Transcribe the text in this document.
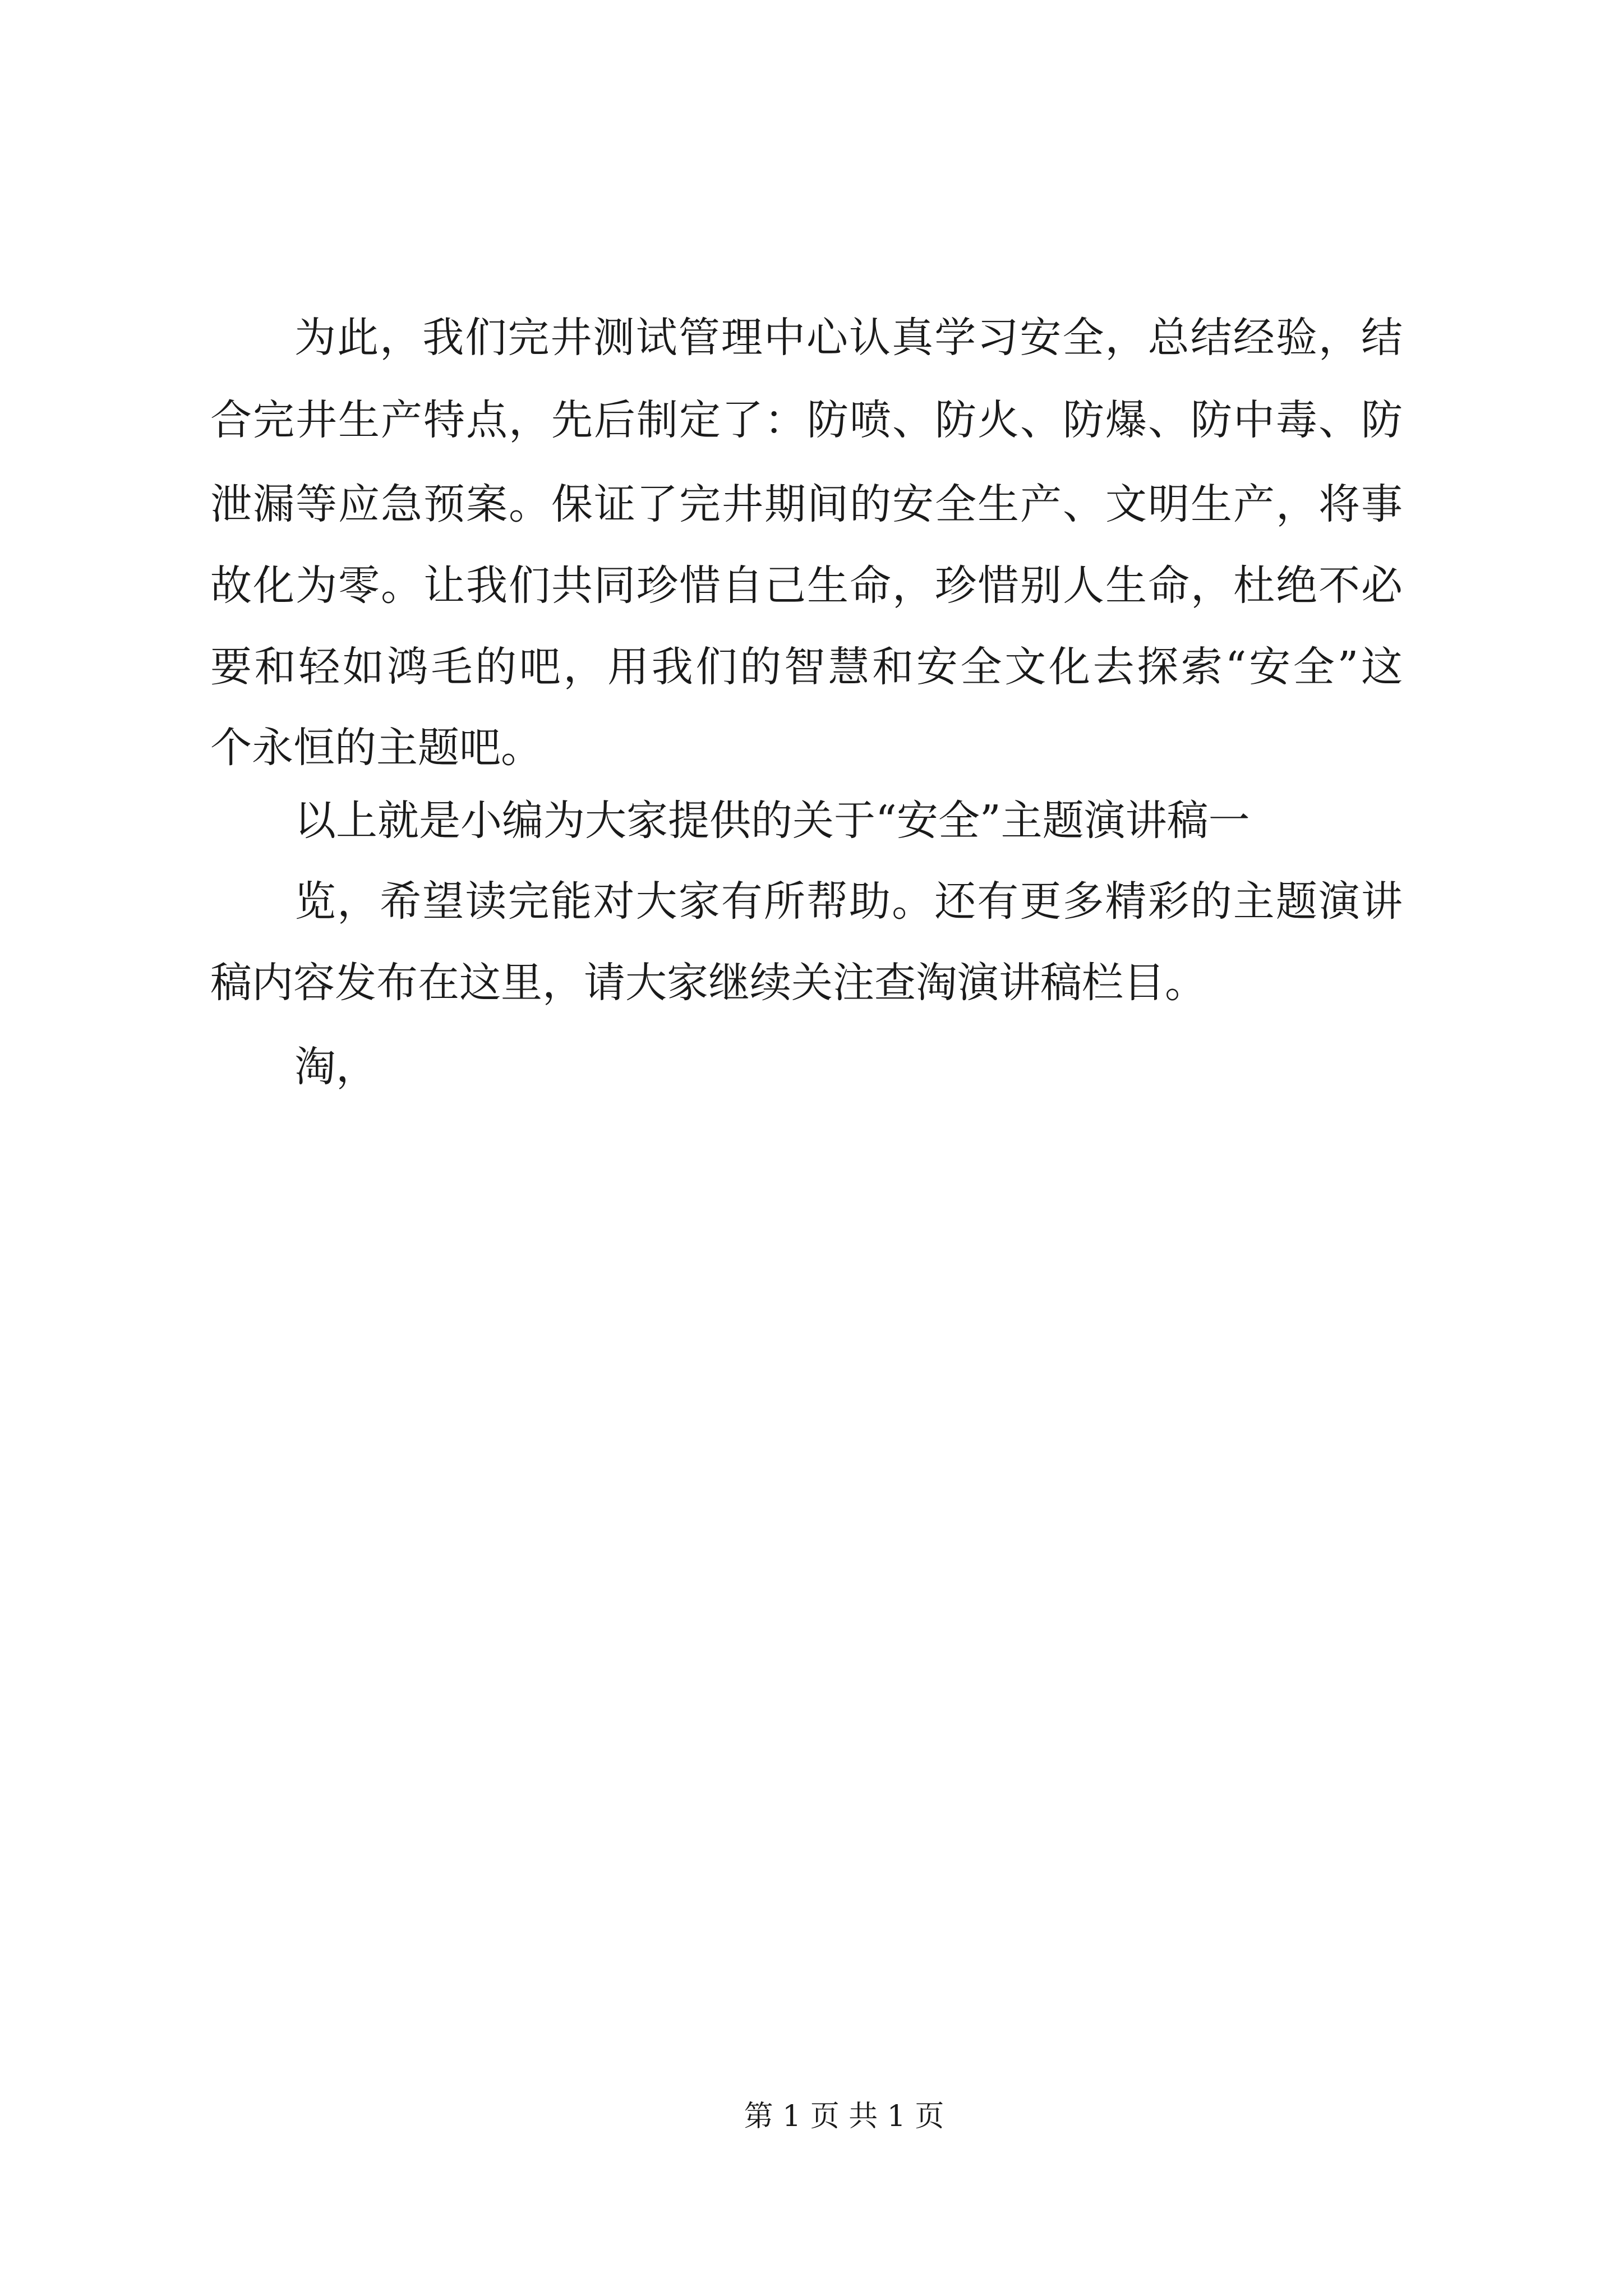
为此，我们完井测试管理中心认真学习安全，总结经验，结
合完井生产特点，先后制定了：防喷、防火、防爆、防中毒、防
泄漏等应急预案。保证了完井期间的安全生产、文明生产，将事
故化为零。让我们共同珍惜自己生命，珍惜别人生命，杜绝不必
要和轻如鸿毛的吧，用我们的智慧和安全文化去探索“安全”这
个永恒的主题吧。
以上就是小编为大家提供的关于“安全”主题演讲稿一
览，希望读完能对大家有所帮助。还有更多精彩的主题演讲
稿内容发布在这里，请大家继续关注查淘演讲稿栏目。
淘，
第 1 页 共 1 页
